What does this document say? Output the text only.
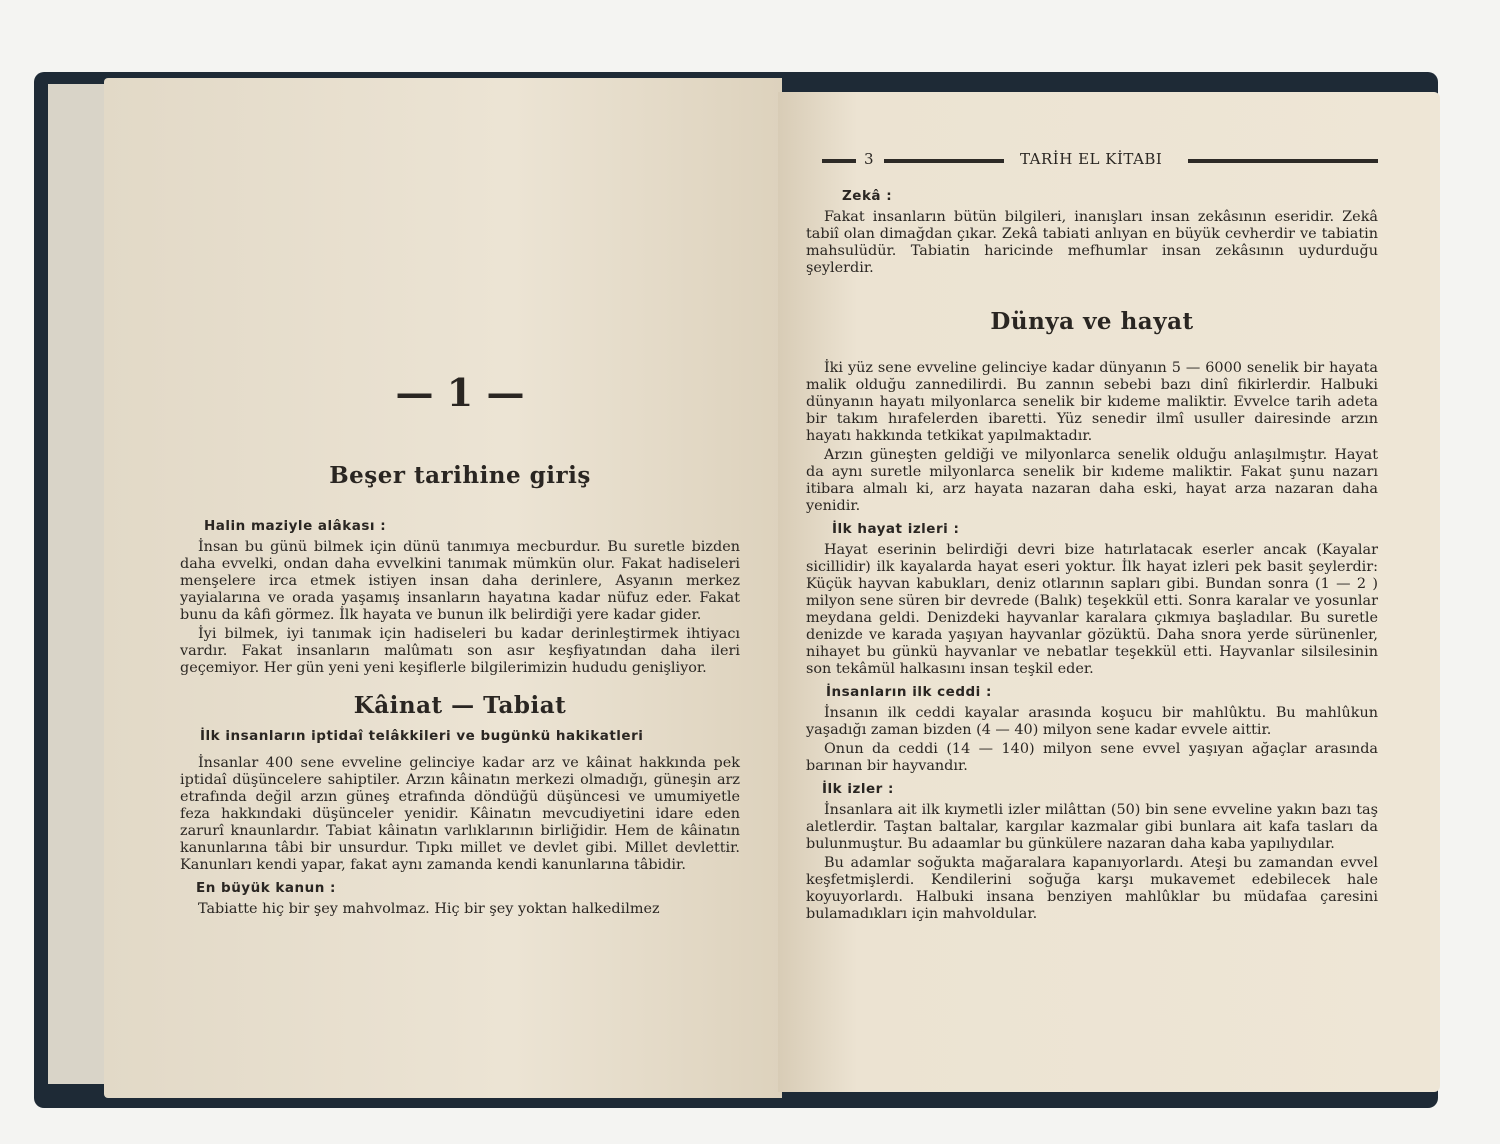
— 1 —
Beşer tarihine giriş
Halin maziyle alâkası :

İnsan bu günü bilmek için dünü tanımıya mecburdur. Bu suretle bizden daha evvelki, ondan daha evvelkini tanımak mümkün olur. Fakat hadiseleri menşelere irca etmek istiyen insan daha derinlere, Asyanın merkez yayialarına ve orada yaşamış insanların hayatına kadar nüfuz eder. Fakat bunu da kâfi görmez. İlk hayata ve bunun ilk belirdiği yere kadar gider.

İyi bilmek, iyi tanımak için hadiseleri bu kadar derinleştirmek ihtiyacı vardır. Fakat insanların malûmatı son asır keşfiyatından daha ileri geçemiyor. Her gün yeni yeni keşiflerle bilgilerimizin hududu genişliyor.

Kâinat — Tabiat
İlk insanların iptidaî telâkkileri ve bugünkü hakikatleri

İnsanlar 400 sene evveline gelinciye kadar arz ve kâinat hakkında pek iptidaî düşüncelere sahiptiler. Arzın kâinatın merkezi olmadığı, güneşin arz etrafında değil arzın güneş etrafında döndüğü düşüncesi ve umumiyetle feza hakkındaki düşünceler yenidir. Kâinatın mevcudiyetini idare eden zarurî knaunlardır. Tabiat kâinatın varlıklarının birliğidir. Hem de kâinatın kanunlarına tâbi bir unsurdur. Tıpkı millet ve devlet gibi. Millet devlettir. Kanunları kendi yapar, fakat aynı zamanda kendi kanunlarına tâbidir.

En büyük kanun :

Tabiatte hiç bir şey mahvolmaz. Hiç bir şey yoktan halkedilmez

3	TARİH EL KİTABI
Zekâ :

Fakat insanların bütün bilgileri, inanışları insan zekâsının eseridir. Zekâ tabiî olan dimağdan çıkar. Zekâ tabiati anlıyan en büyük cevherdir ve tabiatin mahsulüdür. Tabiatin haricinde mefhumlar insan zekâsının uydurduğu şeylerdir.

Dünya ve hayat

İki yüz sene evveline gelinciye kadar dünyanın 5 — 6000 senelik bir hayata malik olduğu zannedilirdi. Bu zannın sebebi bazı dinî fikirlerdir. Halbuki dünyanın hayatı milyonlarca senelik bir kıdeme maliktir. Evvelce tarih adeta bir takım hırafelerden ibaretti. Yüz senedir ilmî usuller dairesinde arzın hayatı hakkında tetkikat yapılmaktadır.

Arzın güneşten geldiği ve milyonlarca senelik olduğu anlaşılmıştır. Hayat da aynı suretle milyonlarca senelik bir kıdeme maliktir. Fakat şunu nazarı itibara almalı ki, arz hayata nazaran daha eski, hayat arza nazaran daha yenidir.

İlk hayat izleri :

Hayat eserinin belirdiği devri bize hatırlatacak eserler ancak (Kayalar sicillidir) ilk kayalarda hayat eseri yoktur. İlk hayat izleri pek basit şeylerdir: Küçük hayvan kabukları, deniz otlarının sapları gibi. Bundan sonra (1 — 2 ) milyon sene süren bir devrede (Balık) teşekkül etti. Sonra karalar ve yosunlar meydana geldi. Denizdeki hayvanlar karalara çıkmıya başladılar. Bu suretle denizde ve karada yaşıyan hayvanlar gözüktü. Daha snora yerde sürünenler, nihayet bu günkü hayvanlar ve nebatlar teşekkül etti. Hayvanlar silsilesinin son tekâmül halkasını insan teşkil eder.

İnsanların ilk ceddi :

İnsanın ilk ceddi kayalar arasında koşucu bir mahlûktu. Bu mahlûkun yaşadığı zaman bizden (4 — 40) milyon sene kadar evvele aittir.

Onun da ceddi (14 — 140) milyon sene evvel yaşıyan ağaçlar arasında barınan bir hayvandır.

İlk izler :

İnsanlara ait ilk kıymetli izler milâttan (50) bin sene evveline yakın bazı taş aletlerdir. Taştan baltalar, kargılar kazmalar gibi bunlara ait kafa tasları da bulunmuştur. Bu adaamlar bu günkülere nazaran daha kaba yapılıydılar.

Bu adamlar soğukta mağaralara kapanıyorlardı. Ateşi bu zamandan evvel keşfetmişlerdi. Kendilerini soğuğa karşı mukavemet edebilecek hale koyuyorlardı. Halbuki insana benziyen mahlûklar bu müdafaa çaresini bulamadıkları için mahvoldular.
